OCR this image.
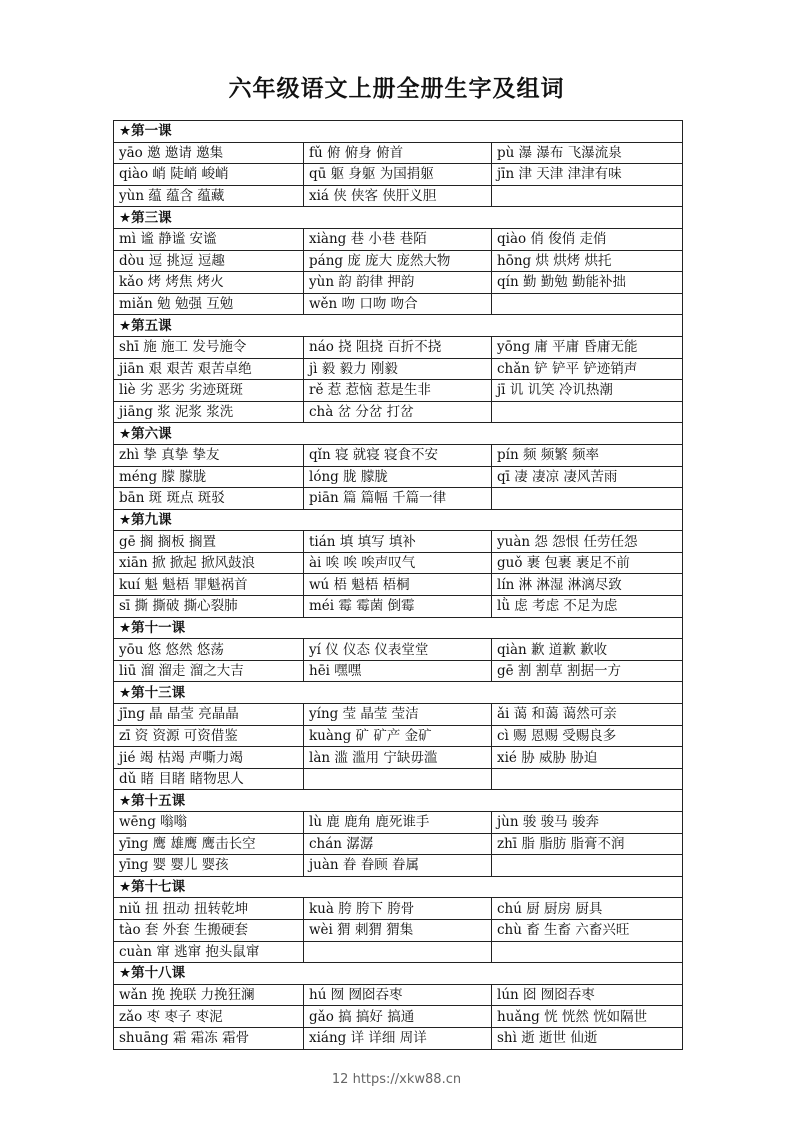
六年级语文上册全册生字及组词
★第一课		
yāo 邀 邀请 邀集	fǔ 俯 俯身 俯首	pù 瀑 瀑布 飞瀑流泉
qiào 峭 陡峭 峻峭	qū 躯 身躯 为国捐躯	jīn 津 天津 津津有味
yùn 蕴 蕴含 蕴藏	xiá 侠 侠客 侠肝义胆	
★第三课		
mì 谧 静谧 安谧	xiàng 巷 小巷 巷陌	qiào 俏 俊俏 走俏
dòu 逗 挑逗 逗趣	páng 庞 庞大 庞然大物	hōng 烘 烘烤 烘托
kǎo 烤 烤焦 烤火	yùn 韵 韵律 押韵	qín 勤 勤勉 勤能补拙
miǎn 勉 勉强 互勉	wěn 吻 口吻 吻合	
★第五课		
shī 施 施工 发号施令	náo 挠 阻挠 百折不挠	yōng 庸 平庸 昏庸无能
jiān 艰 艰苦 艰苦卓绝	jì 毅 毅力 刚毅	chǎn 铲 铲平 铲迹销声
liè 劣 恶劣 劣迹斑斑	rě 惹 惹恼 惹是生非	jī 讥 讥笑 冷讥热潮
jiāng 浆 泥浆 浆洗	chà 岔 分岔 打岔	
★第六课		
zhì 挚 真挚 挚友	qǐn 寝 就寝 寝食不安	pín 频 频繁 频率
méng 朦 朦胧	lóng 胧 朦胧	qī 凄 凄凉 凄风苦雨
bān 斑 斑点 斑驳	piān 篇 篇幅 千篇一律	
★第九课		
gē 搁 搁板 搁置	tián 填 填写 填补	yuàn 怨 怨恨 任劳任怨
xiān 掀 掀起 掀风鼓浪	ài 唉 唉 唉声叹气	guǒ 裹 包裹 裹足不前
kuí 魁 魁梧 罪魁祸首	wú 梧 魁梧 梧桐	lín 淋 淋湿 淋漓尽致
sī 撕 撕破 撕心裂肺	méi 霉 霉菌 倒霉	lǜ 虑 考虑 不足为虑
★第十一课		
yōu 悠 悠然 悠荡	yí 仪 仪态 仪表堂堂	qiàn 歉 道歉 歉收
liū 溜 溜走 溜之大吉	hēi 嘿嘿	gē 割 割草 割据一方
★第十三课		
jīng 晶 晶莹 亮晶晶	yíng 莹 晶莹 莹洁	ǎi 蔼 和蔼 蔼然可亲
zī 资 资源 可资借鉴	kuàng 矿 矿产 金矿	cì 赐 恩赐 受赐良多
jié 竭 枯竭 声嘶力竭	làn 滥 滥用 宁缺毋滥	xié 胁 威胁 胁迫
dǔ 睹 目睹 睹物思人		
★第十五课		
wēng 嗡嗡	lù 鹿 鹿角 鹿死谁手	jùn 骏 骏马 骏奔
yīng 鹰 雄鹰 鹰击长空	chán 潺潺	zhī 脂 脂肪 脂膏不润
yīng 婴 婴儿 婴孩	juàn 眷 眷顾 眷属	
★第十七课		
niǔ 扭 扭动 扭转乾坤	kuà 胯 胯下 胯骨	chú 厨 厨房 厨具
tào 套 外套 生搬硬套	wèi 猬 刺猬 猬集	chù 畜 生畜 六畜兴旺
cuàn 窜 逃窜 抱头鼠窜		
★第十八课		
wǎn 挽 挽联 力挽狂澜	hú 囫 囫囵吞枣	lún 囵 囫囵吞枣
zǎo 枣 枣子 枣泥	gǎo 搞 搞好 搞通	huǎng 恍 恍然 恍如隔世
shuāng 霜 霜冻 霜骨	xiáng 详 详细 周详	shì 逝 逝世 仙逝
12 https://xkw88.cn
